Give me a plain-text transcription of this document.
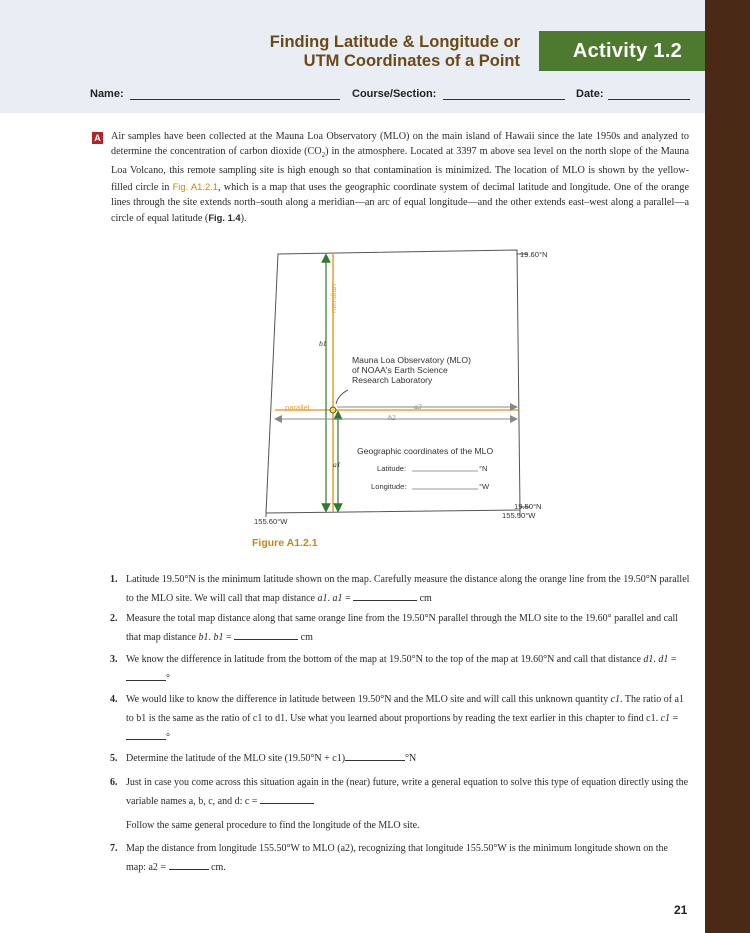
Finding Latitude & Longitude or
UTM Coordinates of a Point	Activity 1.2
Name:	Course/Section:	Date:
A Air samples have been collected at the Mauna Loa Observatory (MLO) on the main island of Hawaii since the late 1950s and analyzed to determine the concentration of carbon dioxide $(CO_2)$ in the atmosphere. Located at 3397 m above sea level on the north slope of the Mauna Loa Volcano, this remote sampling site is high enough so that contamination is minimized. The location of MLO is shown by the yellow-filled circle in Fig. A1.2.1, which is a map that uses the geographic coordinate system of decimal latitude and longitude. One of the orange lines through the site extends north–south along a meridian—an arc of equal longitude—and the other extends east–west along a parallel—a circle of equal latitude (Fig. 1.4).
19.60°N
19.50°N
155.60°W
155.50°W
meridian
parallel
b1
a1
a2
b2
Mauna Loa Observatory (MLO)
of NOAA's Earth Science
Research Laboratory
Geographic coordinates of the MLO
Latitude:	°N
Longitude:	°W
Figure A1.2.1
1. Latitude 19.50°N is the minimum latitude shown on the map. Carefully measure the distance along the orange line from the 19.50°N parallel to the MLO site. We will call that map distance a1. a1 =	cm
2. Measure the total map distance along that same orange line from the 19.50°N parallel through the MLO site to the 19.60° parallel and call that map distance b1. b1 =	cm
3. We know the difference in latitude from the bottom of the map at 19.50°N to the top of the map at 19.60°N and call that distance d1. d1 = °
4. We would like to know the difference in latitude between 19.50°N and the MLO site and will call this unknown quantity c1. The ratio of a1 to b1 is the same as the ratio of c1 to d1. Use what you learned about proportions by reading the text earlier in this chapter to find c1. c1 = °
5. Determine the latitude of the MLO site (19.50°N + c1)	°N
6. Just in case you come across this situation again in the (near) future, write a general equation to solve this type of equation directly using the variable names a, b, c, and d: c =
Follow the same general procedure to find the longitude of the MLO site.
7. Map the distance from longitude 155.50°W to MLO (a2), recognizing that longitude 155.50°W is the minimum longitude shown on the map: a2 =	cm.
21
